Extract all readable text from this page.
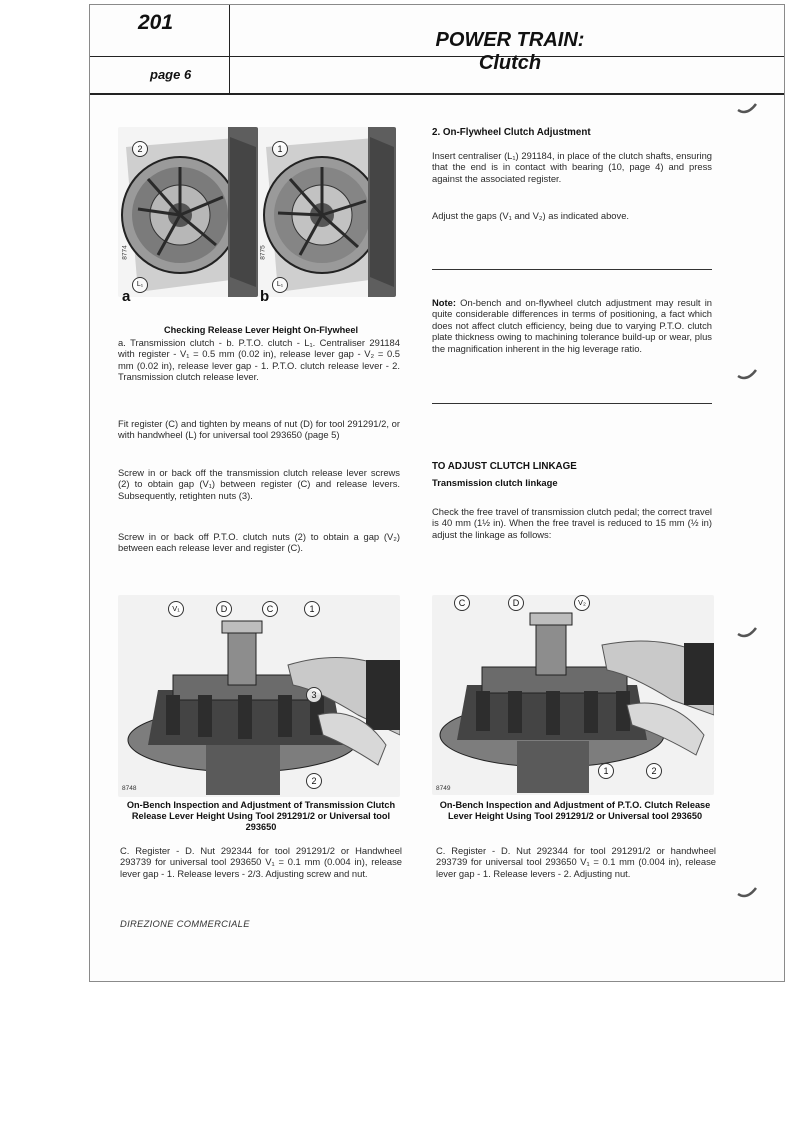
201
page 6
POWER TRAIN:
Clutch
a	b
8774	8775
2	1
L₁	L₁
Checking Release Lever Height On-Flywheel
a. Transmission clutch - b. P.T.O. clutch - L₁. Centraliser 291184 with register - V₁ = 0.5 mm (0.02 in), release lever gap - V₂ = 0.5 mm (0.02 in), release lever gap - 1. P.T.O. clutch release lever - 2. Transmission clutch release lever.
Fit register (C) and tighten by means of nut (D) for tool 291291/2, or with handwheel (L) for universal tool 293650 (page 5)
Screw in or back off the transmission clutch release lever screws (2) to obtain gap (V₁) between register (C) and release levers. Subsequently, retighten nuts (3).
Screw in or back off P.T.O. clutch nuts (2) to obtain a gap (V₂) between each release lever and register (C).
2. On-Flywheel Clutch Adjustment
Insert centraliser (L₁) 291184, in place of the clutch shafts, ensuring that the end is in contact with bearing (10, page 4) and press against the associated register.
Adjust the gaps (V₁ and V₂) as indicated above.
Note: On-bench and on-flywheel clutch adjustment may result in quite considerable differences in terms of positioning, a fact which does not affect clutch efficiency, being due to varying P.T.O. clutch plate thickness owing to machining tolerance build-up or wear, plus the magnification inherent in the hig leverage ratio.
TO ADJUST CLUTCH LINKAGE
Transmission clutch linkage
Check the free travel of transmission clutch pedal; the correct travel is 40 mm (1½ in). When the free travel is reduced to 15 mm (½ in) adjust the linkage as follows:
V₁	D	C	1
3
2
8748
On-Bench Inspection and Adjustment of Transmission Clutch Release Lever Height Using Tool 291291/2 or Universal tool 293650
C. Register - D. Nut 292344 for tool 291291/2 or Handwheel 293739 for universal tool 293650 V₁ = 0.1 mm (0.004 in), release lever gap - 1. Release levers - 2/3. Adjusting screw and nut.
C	D	V₂
1	2
8749
On-Bench Inspection and Adjustment of P.T.O. Clutch Release Lever Height Using Tool 291291/2 or Universal tool 293650
C. Register - D. Nut 292344 for tool 291291/2 or handwheel 293739 for universal tool 293650 V₁ = 0.1 mm (0.004 in), release lever gap - 1. Release levers - 2. Adjusting nut.
DIREZIONE COMMERCIALE
